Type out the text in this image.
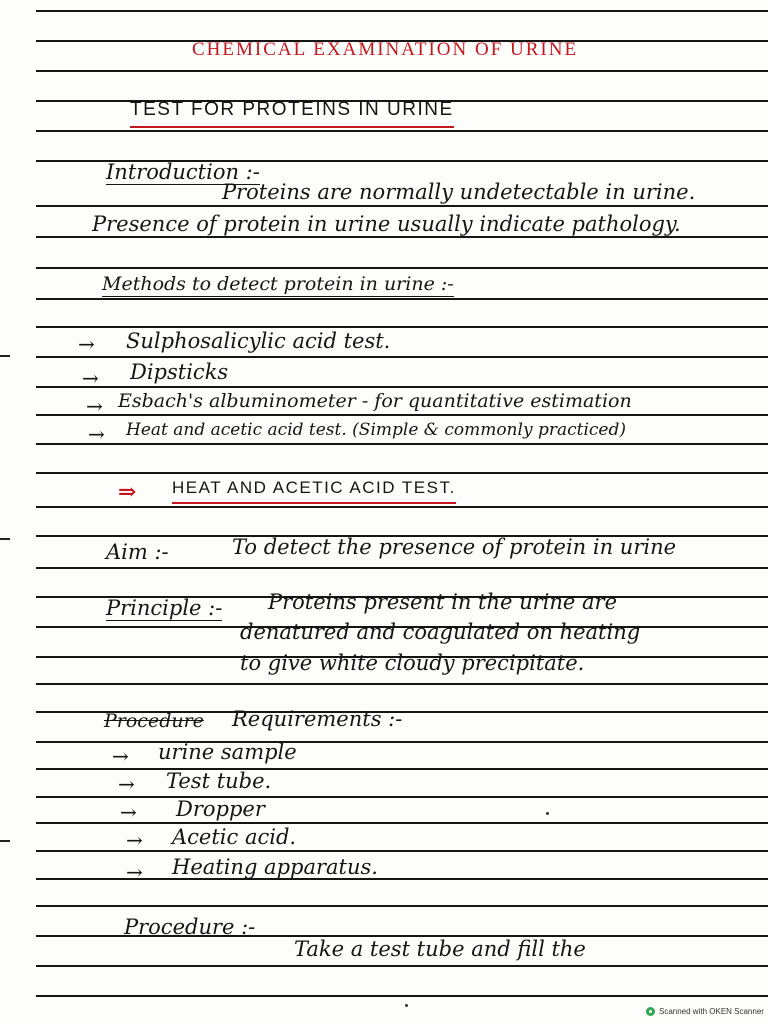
CHEMICAL EXAMINATION OF URINE
TEST FOR PROTEINS IN URINE
Introduction :-
Proteins are normally undetectable in urine.
Presence of protein in urine usually indicate pathology.
Methods to detect protein in urine :-
→ Sulphosalicylic acid test.
→ Dipsticks
→ Esbach's albuminometer - for quantitative estimation
→ Heat and acetic acid test. (Simple & commonly practiced)
⇒ HEAT AND ACETIC ACID TEST.
Aim :-	To detect the presence of protein in urine
Principle :- Proteins present in the urine are
denatured and coagulated on heating
to give white cloudy precipitate.
Procedure Requirements :-
→ urine sample
→ Test tube.
→ Dropper
→ Acetic acid.
→ Heating apparatus.
Procedure :-
Take a test tube and fill the
Scanned with OKEN Scanner
